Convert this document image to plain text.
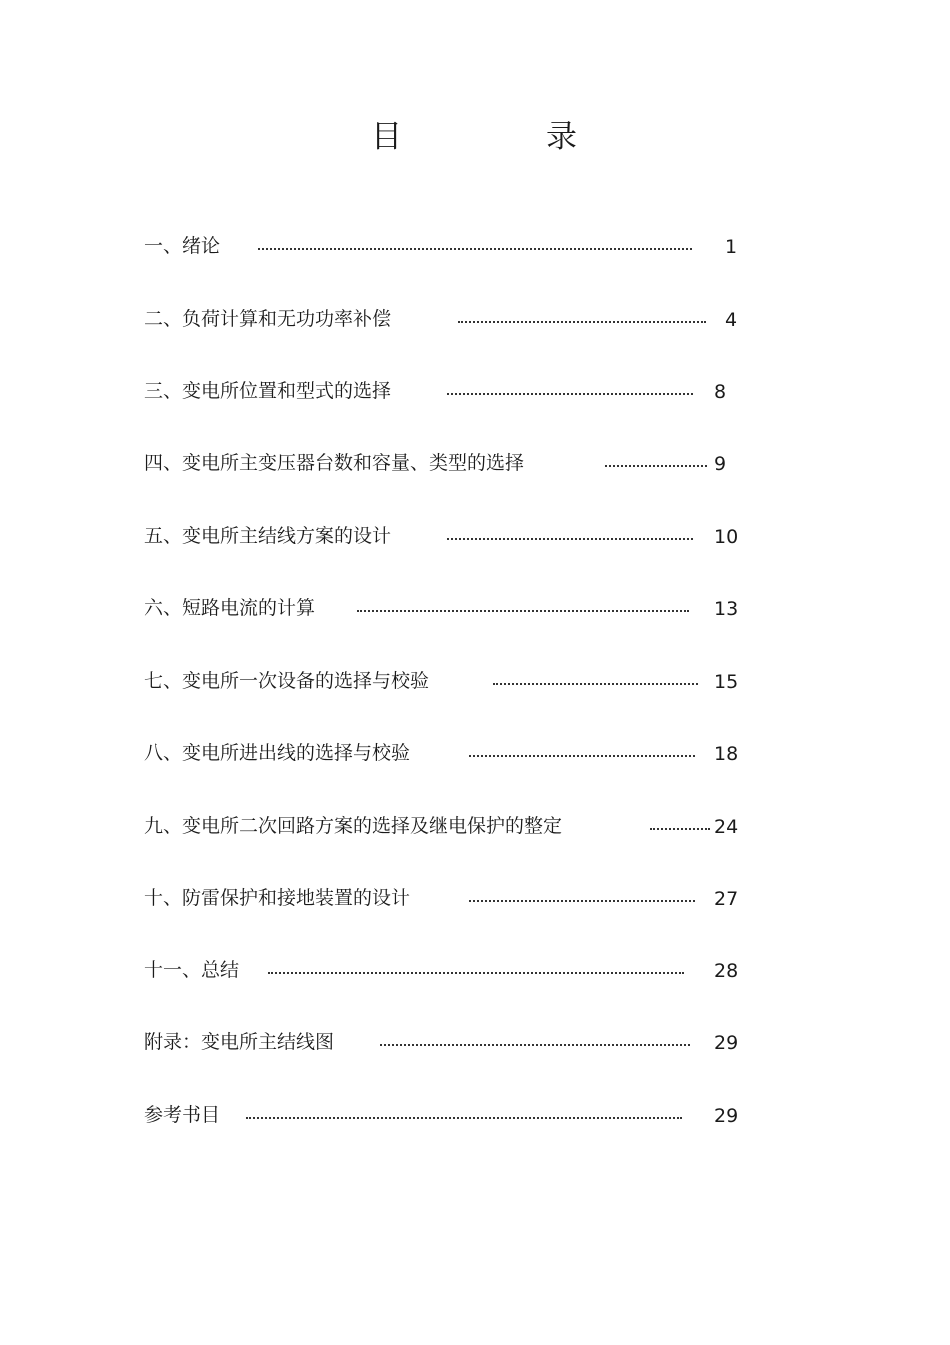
目	录
一、绪论	1
二、负荷计算和无功功率补偿	4
三、变电所位置和型式的选择	8
四、变电所主变压器台数和容量、类型的选择	9
五、变电所主结线方案的设计	10
六、短路电流的计算	13
七、变电所一次设备的选择与校验	15
八、变电所进出线的选择与校验	18
九、变电所二次回路方案的选择及继电保护的整定	24
十、防雷保护和接地装置的设计	27
十一、总结	28
附录：变电所主结线图	29
参考书目	29
